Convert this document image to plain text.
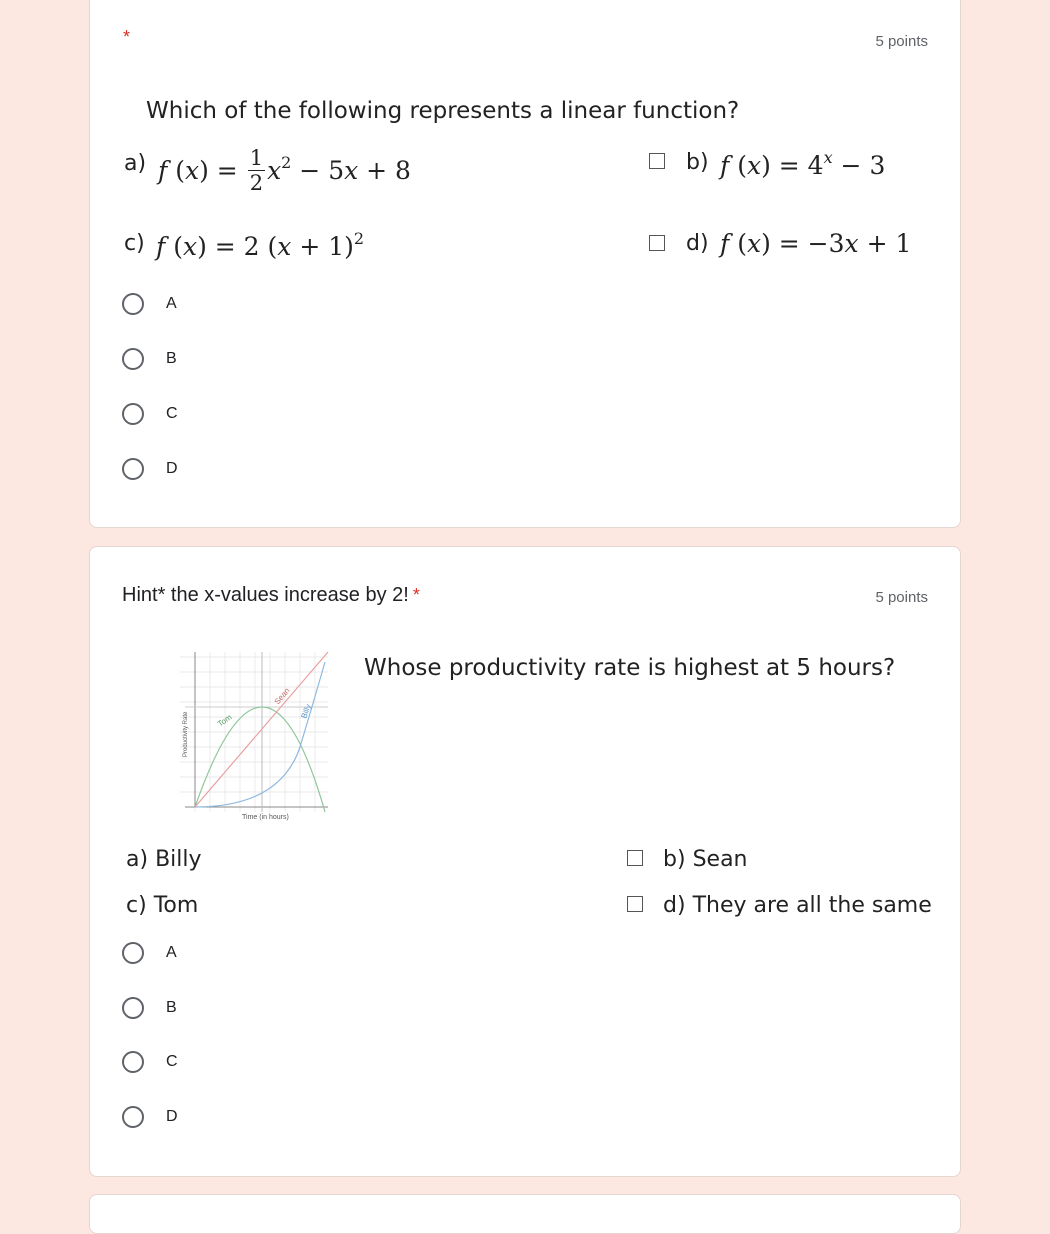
*	5 points
Which of the following represents a linear function?
a) f $(x) = \frac{1}{2} x^2 - 5x + 8$	b) f $(x) = 4^x - 3$
c) f (x) = 2 $(x + 1)^2$	d) f (x) = −3x + 1
A
B
C
D
Hint* the x-values increase by 2! *	5 points
Tom
Sean
Billy
Productivity Rate
Time (in hours)
Whose productivity rate is highest at 5 hours?
a) Billy	b) Sean
c) Tom	d) They are all the same
A
B
C
D
